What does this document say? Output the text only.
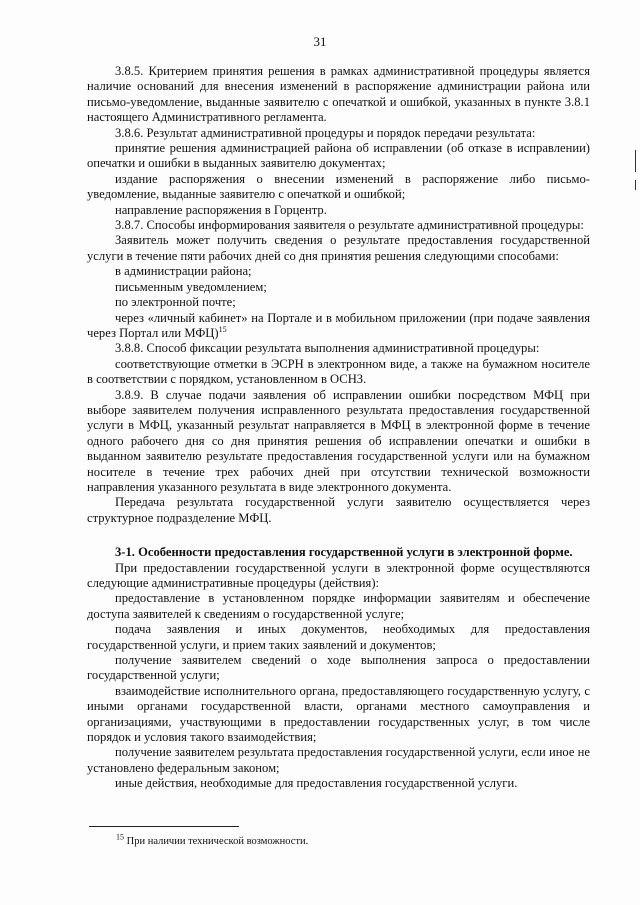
31

3.8.5. Критерием принятия решения в рамках административной процедуры является наличие оснований для внесения изменений в распоряжение администрации района или письмо-уведомление, выданные заявителю с опечаткой и ошибкой, указанных в пункте 3.8.1 настоящего Административного регламента.

3.8.6. Результат административной процедуры и порядок передачи результата:

принятие решения администрацией района об исправлении (об отказе в исправлении) опечатки и ошибки в выданных заявителю документах;

издание распоряжения о внесении изменений в распоряжение либо письмо-уведомление, выданные заявителю с опечаткой и ошибкой;

направление распоряжения в Горцентр.

3.8.7. Способы информирования заявителя о результате административной процедуры:

Заявитель может получить сведения о результате предоставления государственной услуги в течение пяти рабочих дней со дня принятия решения следующими способами:

в администрации района;

письменным уведомлением;

по электронной почте;

через «личный кабинет» на Портале и в мобильном приложении (при подаче заявления через Портал или МФЦ)$^{15}$

3.8.8. Способ фиксации результата выполнения административной процедуры:

соответствующие отметки в ЭСРН в электронном виде, а также на бумажном носителе в соответствии с порядком, установленном в ОСНЗ.

3.8.9. В случае подачи заявления об исправлении ошибки посредством МФЦ при выборе заявителем получения исправленного результата предоставления государственной услуги в МФЦ, указанный результат направляется в МФЦ в электронной форме в течение одного рабочего дня со дня принятия решения об исправлении опечатки и ошибки в выданном заявителю результате предоставления государственной услуги или на бумажном носителе в течение трех рабочих дней при отсутствии технической возможности направления указанного результата в виде электронного документа.

Передача результата государственной услуги заявителю осуществляется через структурное подразделение МФЦ.

3-1. Особенности предоставления государственной услуги в электронной форме.

При предоставлении государственной услуги в электронной форме осуществляются следующие административные процедуры (действия):

предоставление в установленном порядке информации заявителям и обеспечение доступа заявителей к сведениям о государственной услуге;

подача заявления и иных документов, необходимых для предоставления государственной услуги, и прием таких заявлений и документов;

получение заявителем сведений о ходе выполнения запроса о предоставлении государственной услуги;

взаимодействие исполнительного органа, предоставляющего государственную услугу, с иными органами государственной власти, органами местного самоуправления и организациями, участвующими в предоставлении государственных услуг, в том числе порядок и условия такого взаимодействия;

получение заявителем результата предоставления государственной услуги, если иное не установлено федеральным законом;

иные действия, необходимые для предоставления государственной услуги.

$^{15}$ При наличии технической возможности.
